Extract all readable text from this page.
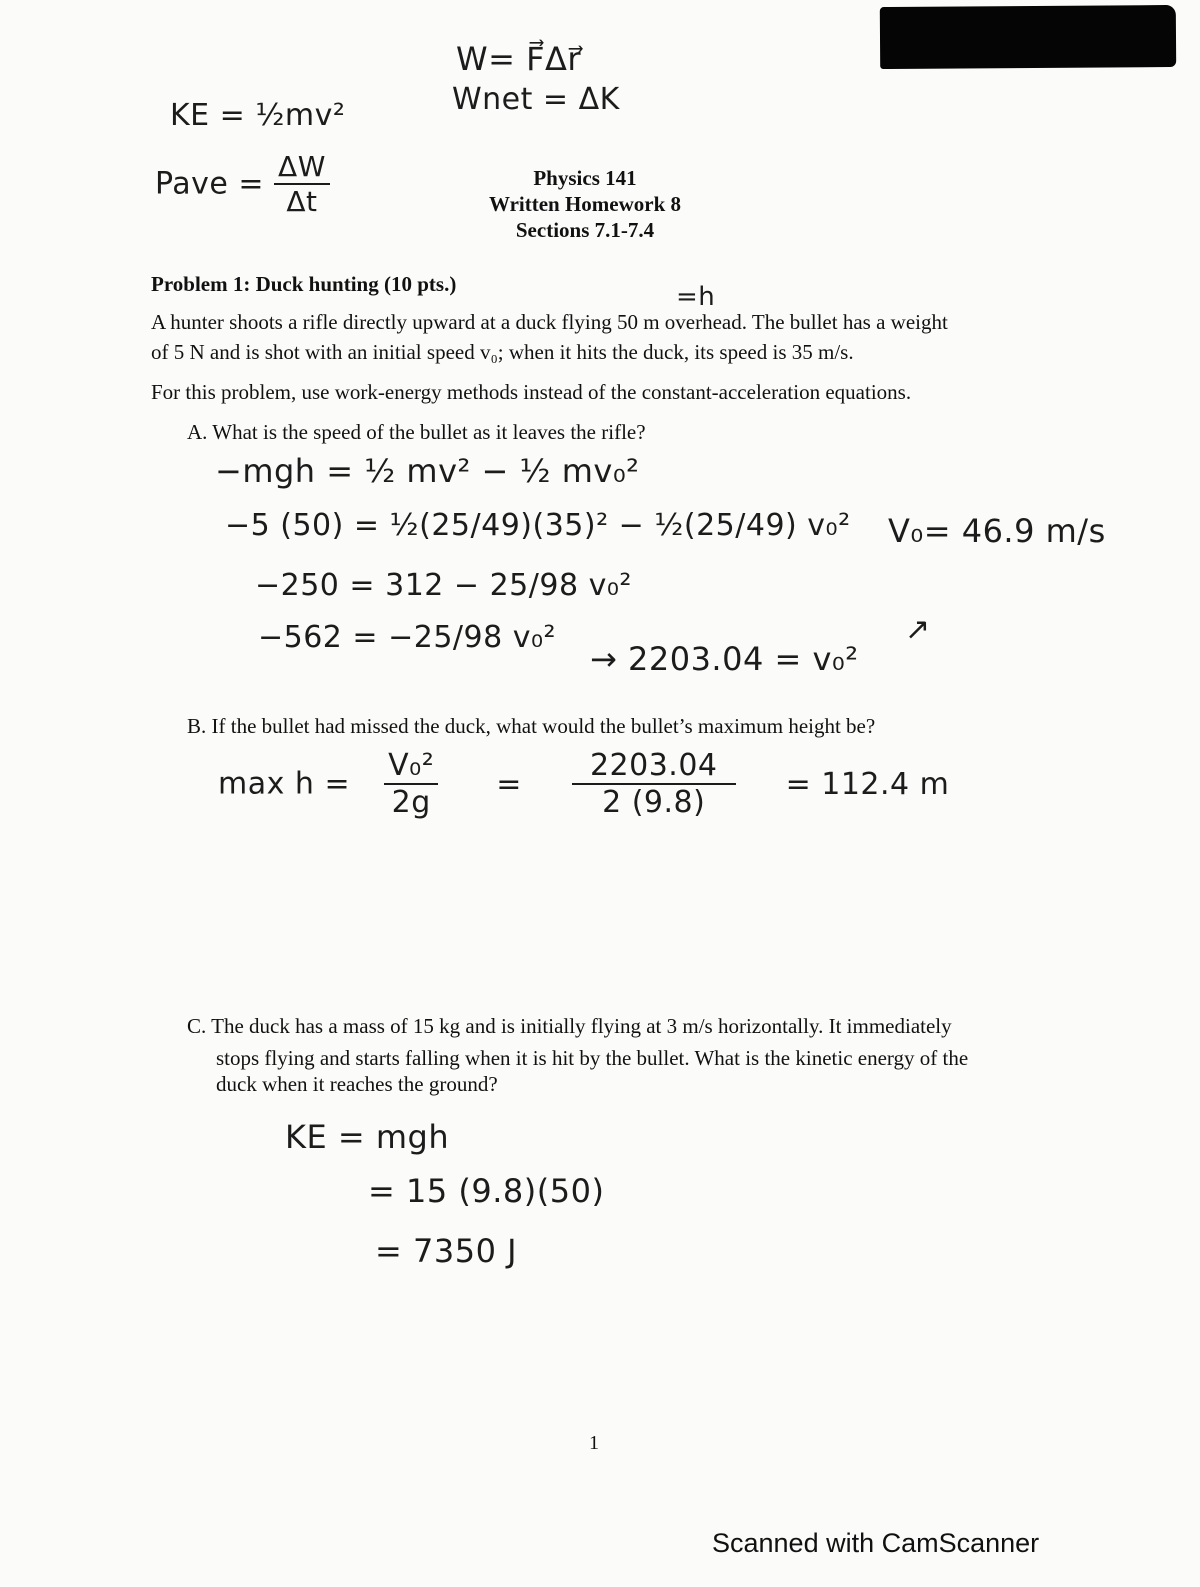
W= F⃗Δr⃗
Wnet = ΔK
KE = ½mv²
Pave = $\frac{\Delta W}{\Delta t}$	Physics 141
Written Homework 8
Sections 7.1-7.4
Problem 1: Duck hunting (10 pts.)	=h
A hunter shoots a rifle directly upward at a duck flying 50 m overhead. The bullet has a weight
of 5 N and is shot with an initial speed v₀; when it hits the duck, its speed is 35 m/s.
For this problem, use work-energy methods instead of the constant-acceleration equations.
A. What is the speed of the bullet as it leaves the rifle?
−mgh = ½ mv² − ½ mv₀²
−5 (50) = ½(25/49)(35)² − ½(25/49) v₀² V₀= 46.9 m/s
−250 = 312 − 25/98 v₀²
−562 = −25/98 v₀²
→ 2203.04 = v₀²
↗
B. If the bullet had missed the duck, what would the bullet’s maximum height be?
$\max h = \frac{\text{V₀²}}{2g} = \frac{2203.04}{2 (9.8)} = 112.4$ m
C. The duck has a mass of 15 kg and is initially flying at 3 m/s horizontally. It immediately
stops flying and starts falling when it is hit by the bullet. What is the kinetic energy of the
duck when it reaches the ground?
KE = mgh
= 15 (9.8)(50)
= 7350 J
1
Scanned with CamScanner
